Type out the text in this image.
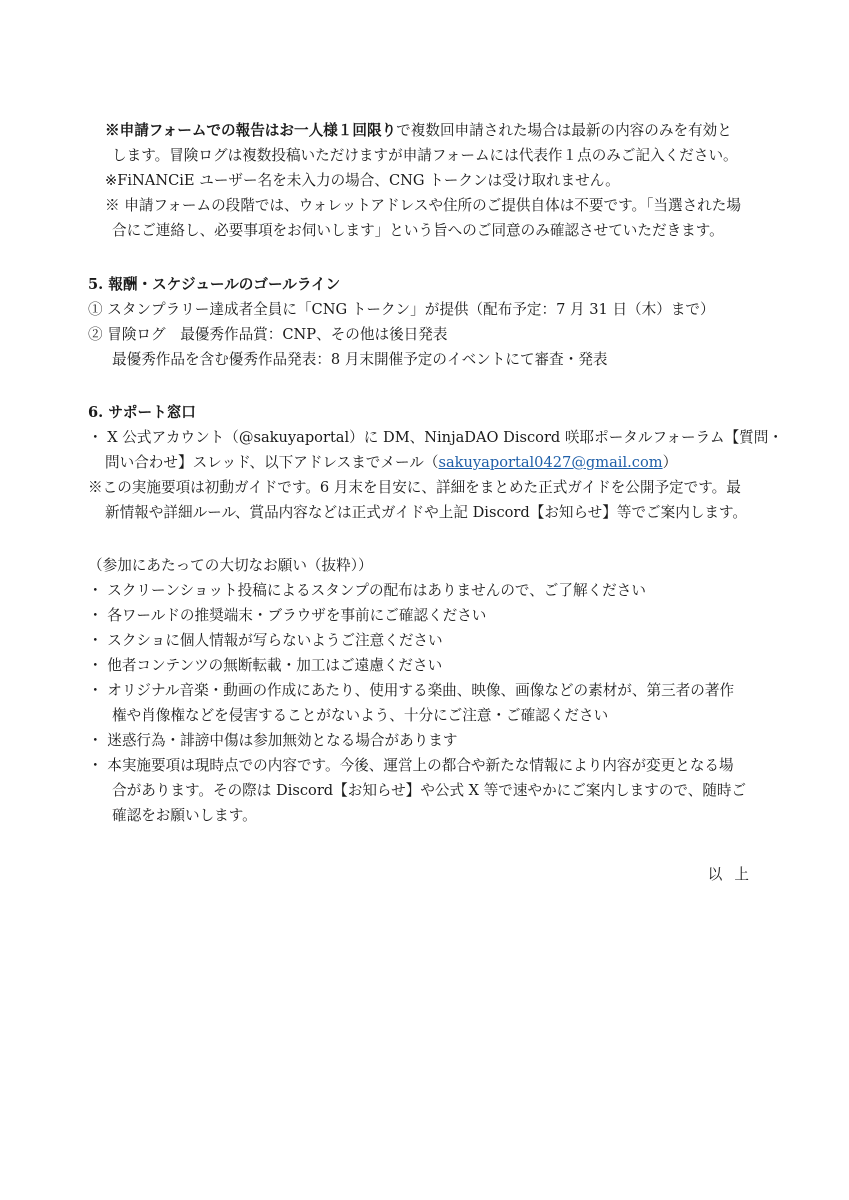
※申請フォームでの報告はお一人様１回限りで複数回申請された場合は最新の内容のみを有効と
します。冒険ログは複数投稿いただけますが申請フォームには代表作１点のみご記入ください。
※FiNANCiE ユーザー名を未入力の場合、CNG トークンは受け取れません。
※ 申請フォームの段階では、ウォレットアドレスや住所のご提供自体は不要です。「当選された場
合にご連絡し、必要事項をお伺いします」という旨へのご同意のみ確認させていただきます。
5. 報酬・スケジュールのゴールライン
① スタンプラリー達成者全員に「CNG トークン」が提供（配布予定：7 月 31 日（木）まで）
② 冒険ログ　最優秀作品賞：CNP、その他は後日発表
最優秀作品を含む優秀作品発表：8 月末開催予定のイベントにて審査・発表
6. サポート窓口
・ X 公式アカウント（@sakuyaportal）に DM、NinjaDAO Discord 咲耶ポータルフォーラム【質問・
問い合わせ】スレッド、以下アドレスまでメール（sakuyaportal0427@gmail.com）
※この実施要項は初動ガイドです。6 月末を目安に、詳細をまとめた正式ガイドを公開予定です。最
新情報や詳細ルール、賞品内容などは正式ガイドや上記 Discord【お知らせ】等でご案内します。
（参加にあたっての大切なお願い（抜粋））
・ スクリーンショット投稿によるスタンプの配布はありませんので、ご了解ください
・ 各ワールドの推奨端末・ブラウザを事前にご確認ください
・ スクショに個人情報が写らないようご注意ください
・ 他者コンテンツの無断転載・加工はご遠慮ください
・ オリジナル音楽・動画の作成にあたり、使用する楽曲、映像、画像などの素材が、第三者の著作
権や肖像権などを侵害することがないよう、十分にご注意・ご確認ください
・ 迷惑行為・誹謗中傷は参加無効となる場合があります
・ 本実施要項は現時点での内容です。今後、運営上の都合や新たな情報により内容が変更となる場
合があります。その際は Discord【お知らせ】や公式 X 等で速やかにご案内しますので、随時ご
確認をお願いします。
以上
